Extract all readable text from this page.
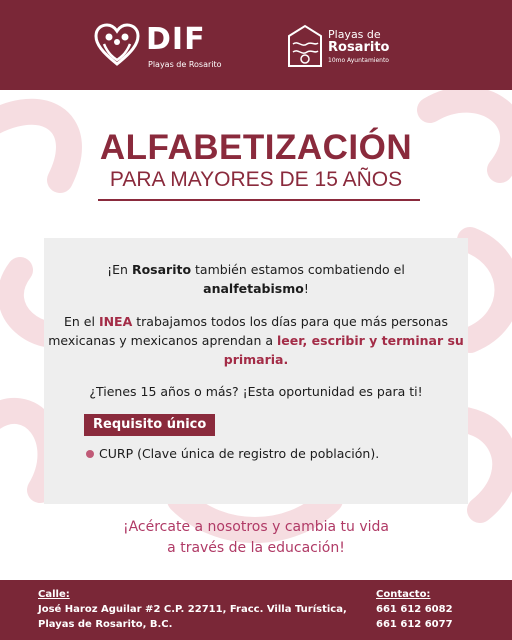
DIF
Playas de Rosarito
Playas de
Rosarito
10mo Ayuntamiento
ALFABETIZACIÓN
PARA MAYORES DE 15 AÑOS

¡En Rosarito también estamos combatiendo el
analfetabismo!

En el INEA trabajamos todos los días para que más personas mexicanas y mexicanos aprendan a leer, escribir y terminar su primaria.

¿Tienes 15 años o más? ¡Esta oportunidad es para ti!

Requisito único
CURP (Clave única de registro de población).
¡Acércate a nosotros y cambia tu vida
a través de la educación!
Calle:
José Haroz Aguilar #2 C.P. 22711, Fracc. Villa Turística,
Playas de Rosarito, B.C.
Contacto:
661 612 6082
661 612 6077
